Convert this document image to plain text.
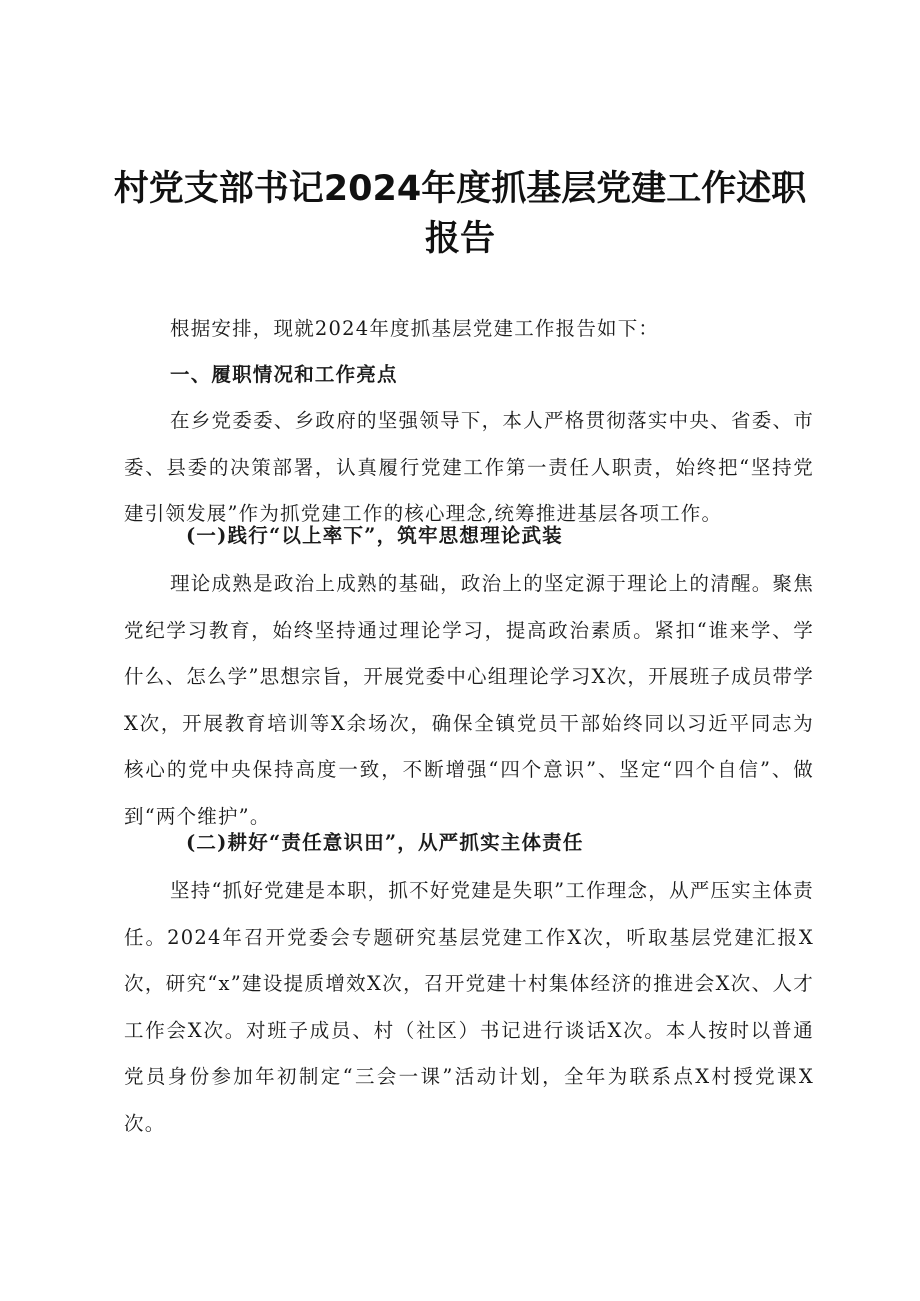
村党支部书记2024年度抓基层党建工作述职
报告

根据安排，现就2024年度抓基层党建工作报告如下：

一、履职情况和工作亮点

在乡党委委、乡政府的坚强领导下，本人严格贯彻落实中央、省委、市委、县委的决策部署，认真履行党建工作第一责任人职责，始终把“坚持党建引领发展”作为抓党建工作的核心理念,统筹推进基层各项工作。

(一)践行“以上率下”，筑牢思想理论武装

理论成熟是政治上成熟的基础，政治上的坚定源于理论上的清醒。聚焦党纪学习教育，始终坚持通过理论学习，提高政治素质。紧扣“谁来学、学什么、怎么学”思想宗旨，开展党委中心组理论学习X次，开展班子成员带学X次，开展教育培训等X余场次，确保全镇党员干部始终同以习近平同志为核心的党中央保持高度一致，不断增强“四个意识”、坚定“四个自信”、做到“两个维护”。

(二)耕好“责任意识田”，从严抓实主体责任

坚持“抓好党建是本职，抓不好党建是失职”工作理念，从严压实主体责任。2024年召开党委会专题研究基层党建工作X次，听取基层党建汇报X次，研究“x”建设提质增效X次，召开党建十村集体经济的推进会X次、人才工作会X次。对班子成员、村（社区）书记进行谈话X次。本人按时以普通党员身份参加年初制定“三会一课”活动计划，全年为联系点X村授党课X次。
